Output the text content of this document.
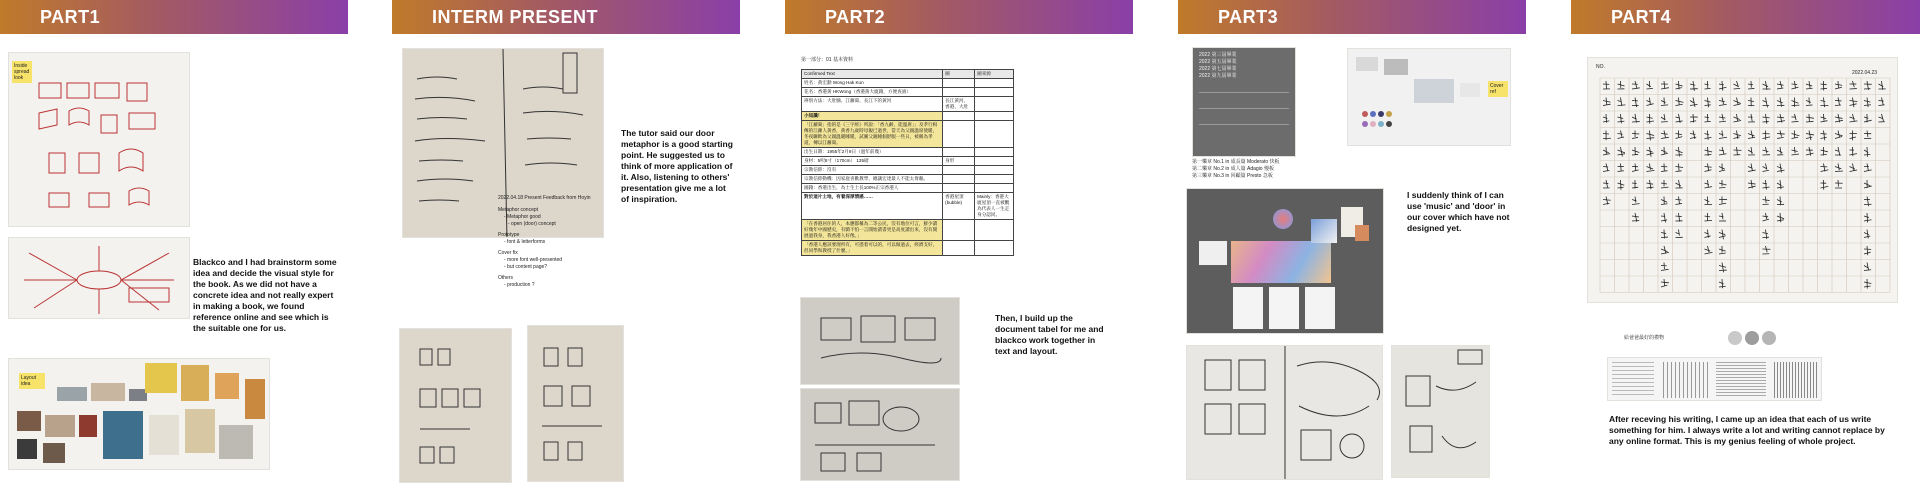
PART1	INTERM PRESENT	PART2	PART3	PART4
Inside spread look
Blackco and I had brainstorm some idea and decide the visual style for the book. As we did not have a concrete idea and not really expert in making a book, we found reference online and see which is the suitable one for us.
Layout idea
The tutor said our door metaphor is a good starting point. He suggested us to think of more application of it. Also, listening to others' presentation give me a lot of inspiration.
2022.04.18 Present Feedback from Hoyin
Metaphor concept
- Metaphor good
- open (door) concept
Prototype
- font & letterforms
Cover fix
- more font well-presented
- but content page?
Others
- production ?
第一部分：01 基本資料
Confirmed Text	圖	圖來源
姓名：黃宏勳 Wong Hak Kun		
花名：香港黃 HKWong（香港黃大廈籍，方便查詢）		
辨別方法：大肚腩、江蘿蔔、長江下的黃河	長江黃河、香港、大肚	
小知識！		
「江蘿蔔」指的是《三字經》所說：「香九齡，能溫席」」及孝行相傳的江蘿人黃香，黃香九歲時母親已過世，當天為父親溫席使暖，冬夜聯飲為父親溫暖睡暖，試圖父親睡個舒服一些日，被稱為孝道，傳以江蘿蔔。		
出生日期：1955年2月9日（過年前幾）		
身材：5呎8寸（170cm） 135磅	身形	
宗教信仰：沒有		
宗教信仰動機：因家庭喜歡教學，總讓宏達最人不能太倚賴。		
國籍：香港出生，為土生土長100%正宗香港人		
對於這片土地，有着深厚情感……	香港屋頂 (bubble)	Mainly：香港大廈屋頂一直被觀為代表人一生走身分認同。
「在香港居住的人，本應都稱為二等公民，沒有地位可言，鮮少讀好幾年中國歷史，有騎不怕一言開始讀書更是高度讀出來，沒有開展過我身，我香港人好像。」		
「香港人應該要理所有，可憑着可以的，可以做過去，經濟支好，但同學和教授了什麼。」		
Then, I build up the document tabel for me and blackco work together in text and layout.
2022 第三屆畢業
2022 第五屆畢業
2022 第七屆畢業
2022 第九屆畢業
第一樂章 No.1 in 成長篇 Moderato 快板
第二樂章 No.2 in 成人篇 Adagio 慢板
第三樂章 No.3 in 回顧篇 Presto 急板
Cover ref
I suddenly think of I can use 'music' and 'door' in our cover which have not designed yet.
NO.
2022.04.23
給爸爸最好的禮物
After receving his writing, I came up an idea that each of us write something for him. I always write a lot and writing cannot replace by any online format. This is my genius feeling of whole project.
